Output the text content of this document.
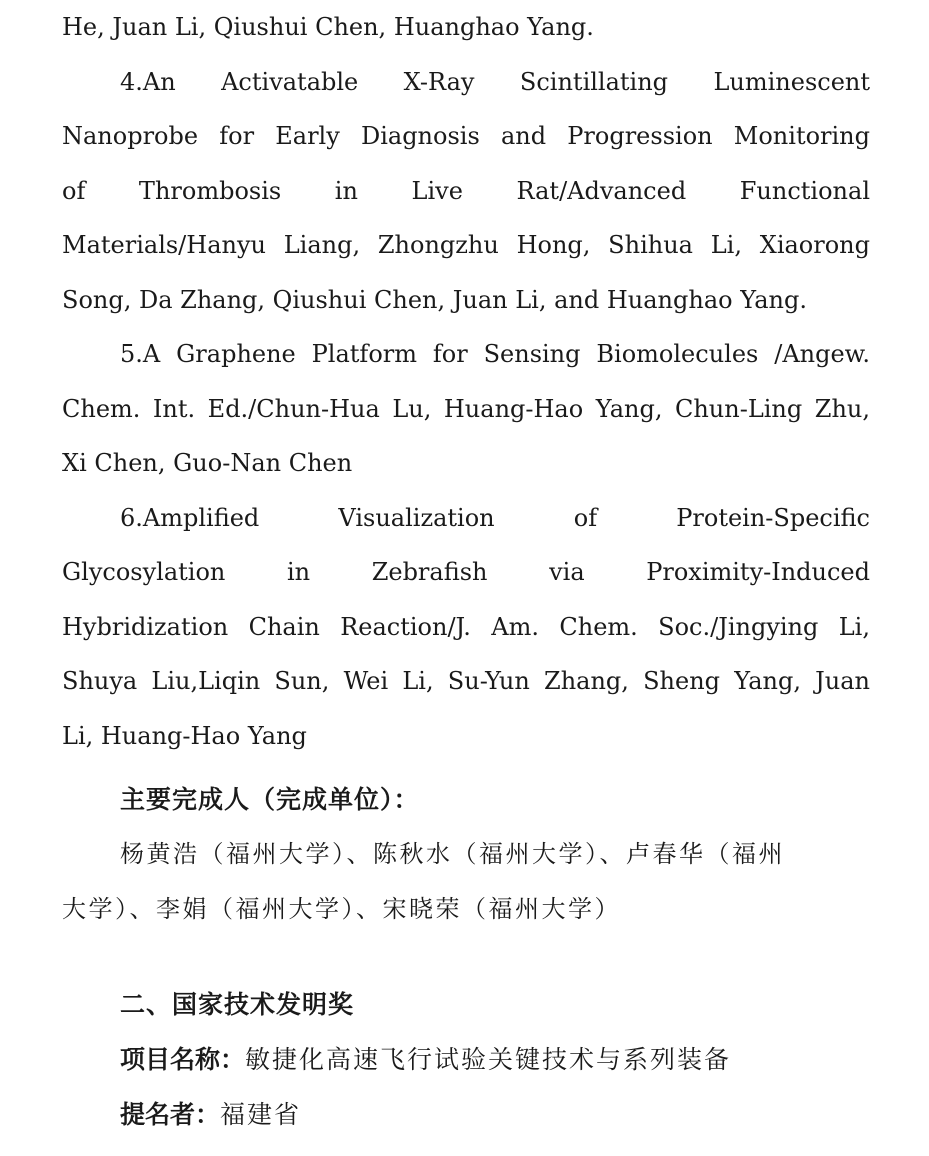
He, Juan Li, Qiushui Chen, Huanghao Yang.
4.An Activatable X-Ray Scintillating Luminescent
Nanoprobe for Early Diagnosis and Progression Monitoring
of Thrombosis in Live Rat/Advanced Functional
Materials/Hanyu Liang, Zhongzhu Hong, Shihua Li, Xiaorong
Song, Da Zhang, Qiushui Chen, Juan Li, and Huanghao Yang.
5.A Graphene Platform for Sensing Biomolecules /Angew.
Chem. Int. Ed./Chun-Hua Lu, Huang-Hao Yang, Chun-Ling Zhu,
Xi Chen, Guo-Nan Chen
6.Amplified Visualization of Protein-Specific
Glycosylation in Zebrafish via Proximity-Induced
Hybridization Chain Reaction/J. Am. Chem. Soc./Jingying Li,
Shuya Liu,Liqin Sun, Wei Li, Su-Yun Zhang, Sheng Yang, Juan
Li, Huang-Hao Yang
主要完成人（完成单位）：
杨黄浩（福州大学）、陈秋水（福州大学）、卢春华（福州
大学）、李娟（福州大学）、宋晓荣（福州大学）
二、国家技术发明奖
项目名称：敏捷化高速飞行试验关键技术与系列装备
提名者：福建省
